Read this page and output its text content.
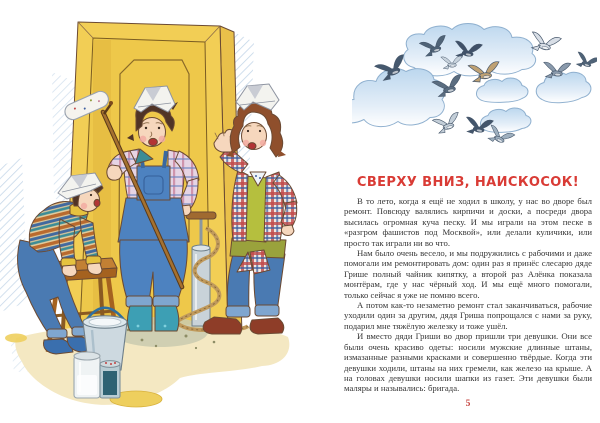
СВЕРХУ ВНИЗ, НАИСКОСОК!

В то лето, когда я ещё не ходил в школу, у нас во дворе был ремонт. Повсюду валялись кирпичи и доски, а посреди двора высилась огромная куча песку. И мы играли на этом песке в «разгром фашистов под Москвой», или делали куличики, или просто так играли ни во что.

Нам было очень весело, и мы подружились с рабочими и даже помогали им ремонтировать дом: один раз я принёс слесарю дяде Грише полный чайник кипятку, а второй раз Алёнка показала монтёрам, где у нас чёрный ход. И мы ещё много помогали, только сейчас я уже не помню всего.

А потом как-то незаметно ремонт стал заканчиваться, рабочие уходили один за другим, дядя Гриша попрощался с нами за руку, подарил мне тяжёлую железку и тоже ушёл.

И вместо дяди Гриши во двор пришли три девушки. Они все были очень красиво одеты: носили мужские длинные штаны, измазанные разными красками и совершенно твёрдые. Когда эти девушки ходили, штаны на них гремели, как железо на крыше. А на головах девушки носили шапки из газет. Эти девушки были маляры и назывались: бригада.

5
